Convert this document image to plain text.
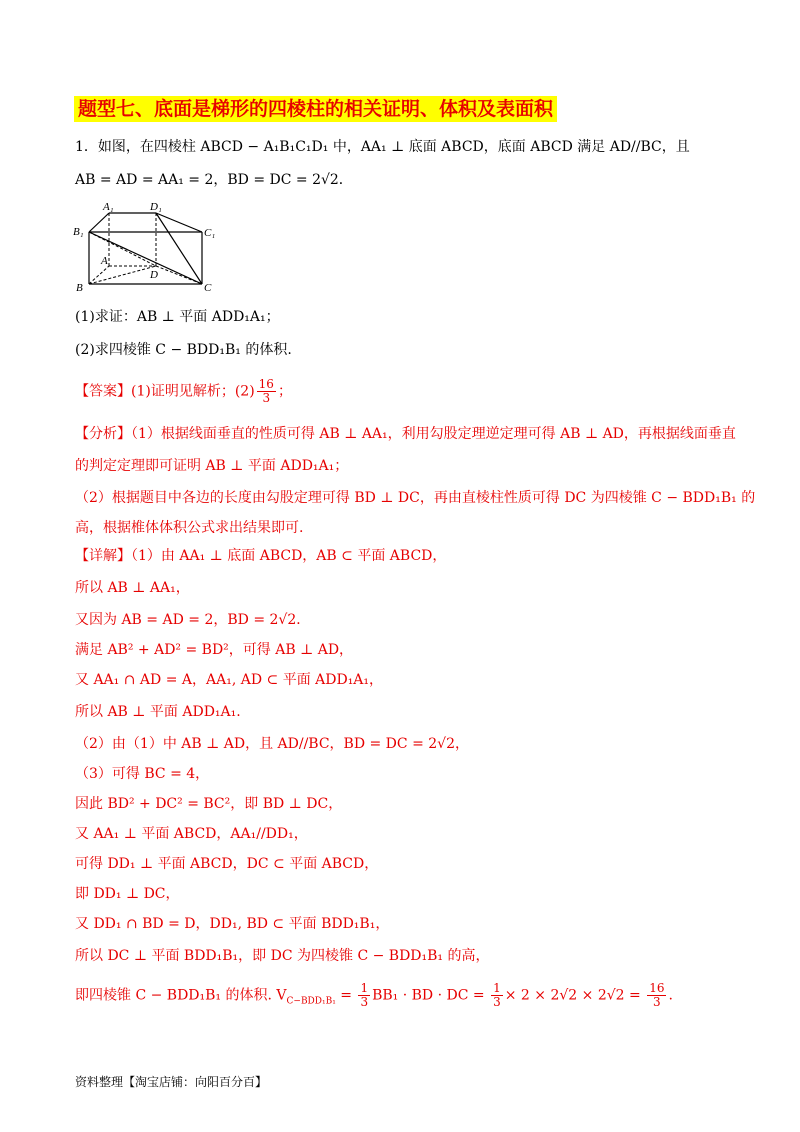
题型七、底面是梯形的四棱柱的相关证明、体积及表面积
1．如图，在四棱柱 ABCD − A₁B₁C₁D₁ 中，AA₁ ⊥ 底面 ABCD，底面 ABCD 满足 AD//BC，且
AB = AD = AA₁ = 2，BD = DC = 2√2．
A₁	D₁
B₁	C₁
A
D
B	C
(1)求证：AB ⊥ 平面 ADD₁A₁；
(2)求四棱锥 C − BDD₁B₁ 的体积.
【答案】(1)证明见解析；$(2) \frac{16}{3}$ ；
【分析】（1）根据线面垂直的性质可得 AB ⊥ AA₁，利用勾股定理逆定理可得 AB ⊥ AD，再根据线面垂直
的判定定理即可证明 AB ⊥ 平面 ADD₁A₁；
（2）根据题目中各边的长度由勾股定理可得 BD ⊥ DC，再由直棱柱性质可得 DC 为四棱锥 C − BDD₁B₁ 的
高，根据椎体体积公式求出结果即可.
【详解】（1）由 AA₁ ⊥ 底面 ABCD，AB ⊂ 平面 ABCD，
所以 AB ⊥ AA₁，
又因为 AB = AD = 2，BD = 2√2．
满足 AB² + AD² = BD²，可得 AB ⊥ AD，
又 AA₁ ∩ AD = A，AA₁, AD ⊂ 平面 ADD₁A₁，
所以 AB ⊥ 平面 ADD₁A₁.
（2）由（1）中 AB ⊥ AD，且 AD//BC，BD = DC = 2√2，
（3）可得 BC = 4，
因此 BD² + DC² = BC²，即 BD ⊥ DC，
又 AA₁ ⊥ 平面 ABCD，AA₁//DD₁，
可得 DD₁ ⊥ 平面 ABCD，DC ⊂ 平面 ABCD，
即 DD₁ ⊥ DC，
又 DD₁ ∩ BD = D，DD₁, BD ⊂ 平面 BDD₁B₁，
所以 DC ⊥ 平面 BDD₁B₁，即 DC 为四棱锥 C − BDD₁B₁ 的高，
即四棱锥 C − BDD₁B₁ 的体积. $V_{C-BDD_1B_1} = \frac{1}{3} BB_1$ · BD · DC = $\frac{1}{3} \times 2 \times 2√2 \times 2√2 = \frac{16}{3}$ .
资料整理【淘宝店铺：向阳百分百】
